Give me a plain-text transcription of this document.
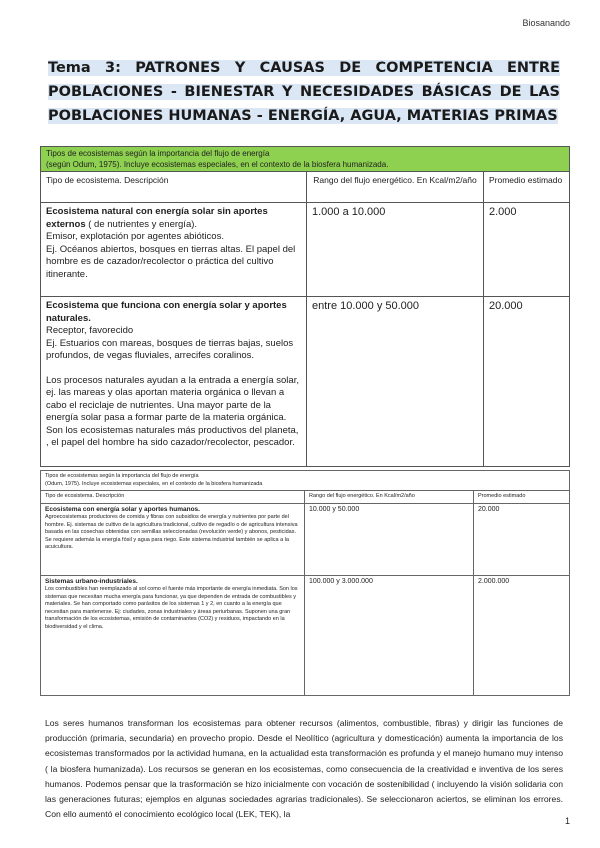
Biosanando
Tema 3: PATRONES Y CAUSAS DE COMPETENCIA ENTRE POBLACIONES - BIENESTAR Y NECESIDADES BÁSICAS DE LAS POBLACIONES HUMANAS - ENERGÍA, AGUA, MATERIAS PRIMAS
Tipos de ecosistemas según la importancia del flujo de energía
(según Odum, 1975). Incluye ecosistemas especiales, en el contexto de la biosfera humanizada.		

Tipo de ecosistema. Descripción	Rango del flujo energético. En Kcal/m2/año	Promedio estimado
Ecosistema natural con energía solar sin aportes externos ( de nutrientes y energía).
Emisor, explotación por agentes abióticos.
Ej. Océanos abiertos, bosques en tierras altas. El papel del hombre es de cazador/recolector o práctica del cultivo itinerante.	1.000 a 10.000	2.000
Ecosistema que funciona con energía solar y aportes naturales.
Receptor, favorecido
Ej. Estuarios con mareas, bosques de tierras bajas, suelos profundos, de vegas fluviales, arrecifes coralinos.
Los procesos naturales ayudan a la entrada a energía solar, ej. las mareas y olas aportan materia orgánica o llevan a cabo el reciclaje de nutrientes. Una mayor parte de la energía solar pasa a formar parte de la materia orgánica.
Son los ecosistemas naturales más productivos del planeta, , el papel del hombre ha sido cazador/recolector, pescador.	entre 10.000 y 50.000	20.000
Tipos de ecosistemas según la importancia del flujo de energía
(Odum, 1975). Incluye ecosistemas especiales, en el contexto de la biosfera humanizada		

Tipo de ecosistema. Descripción	Rango del flujo energético. En Kcal/m2/año	Promedio estimado
Ecosistema con energía solar y aportes humanos.
Agroecosistemas productores de comida y fibras con subsidios de energía y nutrientes por parte del hombre. Ej. sistemas de cultivo de la agricultura tradicional, cultivo de regadío o de agricultura intensiva basada en las cosechas obtenidas con semillas seleccionadas (revolución verde) y abonos, pesticidas. Se requiere además la energía fósil y agua para riego. Este sistema industrial también se aplica a la acuicultura.	10.000 y 50.000	20.000
Sistemas urbano-industriales.
Los combustibles han reemplazado al sol como el fuente más importante de energía inmediata. Son los sistemas que necesitan mucha energía para funcionar, ya que dependen de entrada de combustibles y materiales. Se han comportado como parásitos de los sistemas 1 y 2, en cuanto a la energía que necesitan para mantenerse. Ej: ciudades, zonas industriales y áreas periurbanas. Suponen una gran transformación de los ecosistemas, emisión de contaminantes (CO2) y residuos, impactando en la biodiversidad y el clima.	100.000 y 3.000.000	2.000.000
Los seres humanos transforman los ecosistemas para obtener recursos (alimentos, combustible, fibras) y dirigir las funciones de producción (primaria, secundaria) en provecho propio. Desde el Neolítico (agricultura y domesticación) aumenta la importancia de los ecosistemas transformados por la actividad humana, en la actualidad esta transformación es profunda y el manejo humano muy intenso ( la biosfera humanizada). Los recursos se generan en los ecosistemas, como consecuencia de la creatividad e inventiva de los seres humanos. Podemos pensar que la trasformación se hizo inicialmente con vocación de sostenibilidad ( incluyendo la visión solidaria con las generaciones futuras; ejemplos en algunas sociedades agrarias tradicionales). Se seleccionaron aciertos, se eliminan los errores. Con ello aumentó el conocimiento ecológico local (LEK, TEK), la
1
